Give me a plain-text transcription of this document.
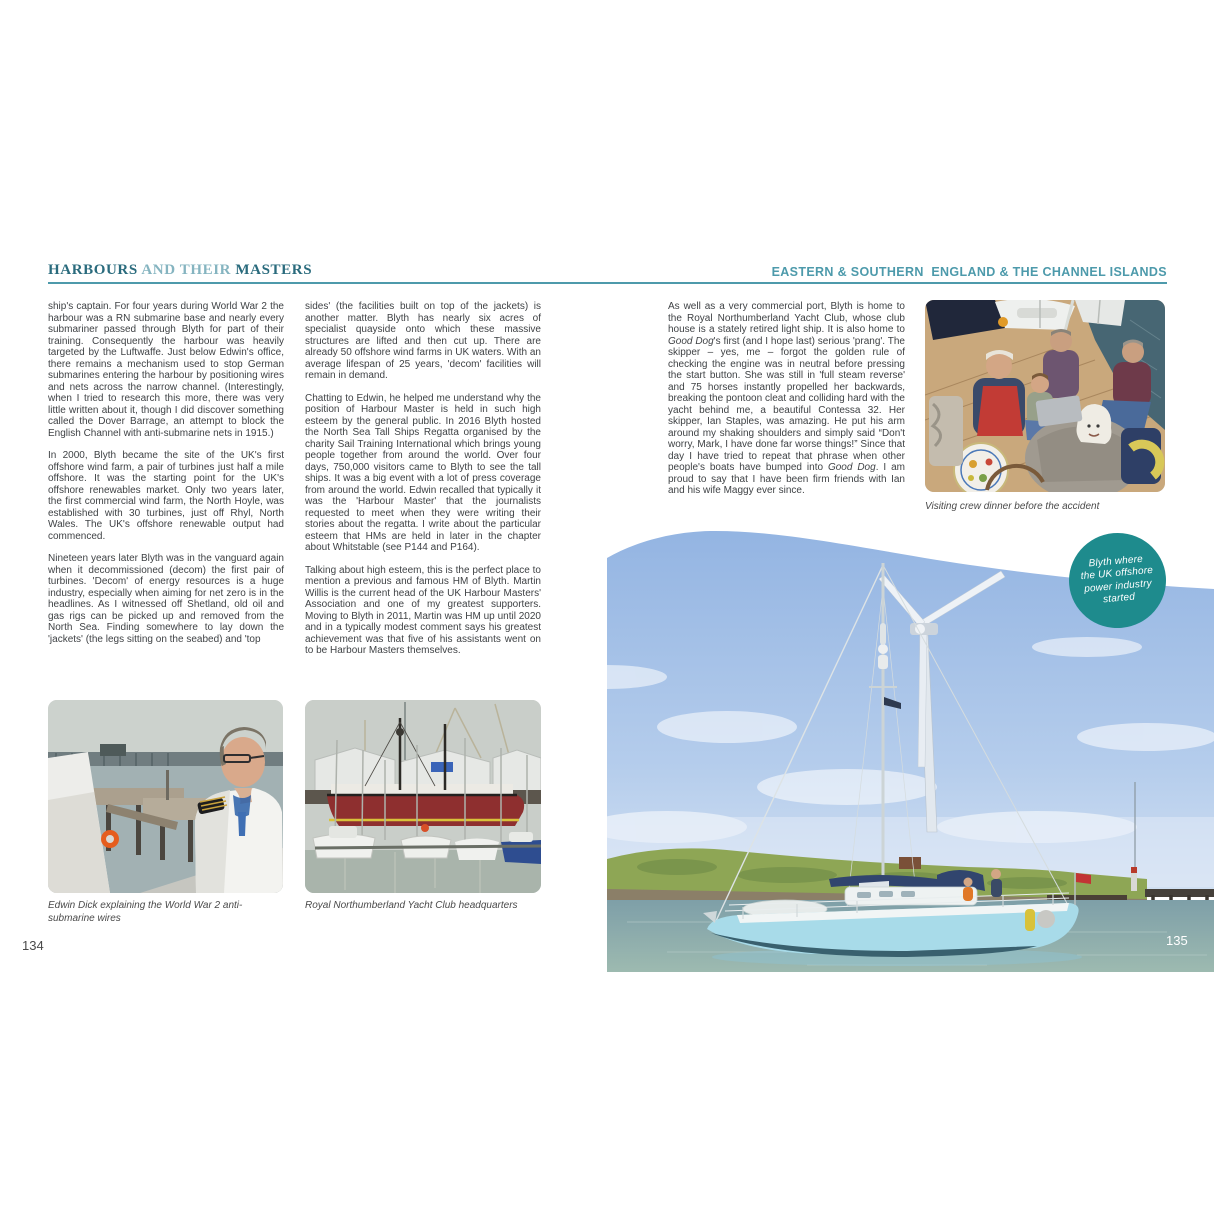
HARBOURS AND THEIR MASTERS	EASTERN & SOUTHERN  ENGLAND & THE CHANNEL ISLANDS

ship's captain. For four years during World War 2 the harbour was a RN submarine base and nearly every submariner passed through Blyth for part of their training. Consequently the harbour was heavily targeted by the Luftwaffe. Just below Edwin's office, there remains a mechanism used to stop German submarines entering the harbour by positioning wires and nets across the narrow channel. (Interestingly, when I tried to research this more, there was very little written about it, though I did discover something called the Dover Barrage, an attempt to block the English Channel with anti-submarine nets in 1915.)

In 2000, Blyth became the site of the UK's first offshore wind farm, a pair of turbines just half a mile offshore. It was the starting point for the UK's offshore renewables market. Only two years later, the first commercial wind farm, the North Hoyle, was established with 30 turbines, just off Rhyl, North Wales. The UK's offshore renewable output had commenced.

Nineteen years later Blyth was in the vanguard again when it decommissioned (decom) the first pair of turbines. 'Decom' of energy resources is a huge industry, especially when aiming for net zero is in the headlines. As I witnessed off Shetland, old oil and gas rigs can be picked up and removed from the North Sea. Finding somewhere to lay down the 'jackets' (the legs sitting on the seabed) and 'top

sides' (the facilities built on top of the jackets) is another matter. Blyth has nearly six acres of specialist quayside onto which these massive structures are lifted and then cut up. There are already 50 offshore wind farms in UK waters. With an average lifespan of 25 years, 'decom' facilities will remain in demand.

Chatting to Edwin, he helped me understand why the position of Harbour Master is held in such high esteem by the general public. In 2016 Blyth hosted the North Sea Tall Ships Regatta organised by the charity Sail Training International which brings young people together from around the world. Over four days, 750,000 visitors came to Blyth to see the tall ships. It was a big event with a lot of press coverage from around the world. Edwin recalled that typically it was the 'Harbour Master' that the journalists requested to meet when they were writing their stories about the regatta. I write about the particular esteem that HMs are held in later in the chapter about Whitstable (see P144 and P164).

Talking about high esteem, this is the perfect place to mention a previous and famous HM of Blyth. Martin Willis is the current head of the UK Harbour Masters' Association and one of my greatest supporters. Moving to Blyth in 2011, Martin was HM up until 2020 and in a typically modest comment says his greatest achievement was that five of his assistants went on to be Harbour Masters themselves.

As well as a very commercial port, Blyth is home to the Royal Northumberland Yacht Club, whose club house is a stately retired light ship. It is also home to Good Dog's first (and I hope last) serious 'prang'. The skipper – yes, me – forgot the golden rule of checking the engine was in neutral before pressing the start button. She was still in 'full steam reverse' and 75 horses instantly propelled her backwards, breaking the pontoon cleat and colliding hard with the yacht behind me, a beautiful Contessa 32. Her skipper, Ian Staples, was amazing. He put his arm around my shaking shoulders and simply said “Don't worry, Mark, I have done far worse things!” Since that day I have tried to repeat that phrase when other people's boats have bumped into Good Dog. I am proud to say that I have been firm friends with Ian and his wife Maggy ever since.

Edwin Dick explaining the World War 2 anti-submarine wires
Royal Northumberland Yacht Club headquarters
Visiting crew dinner before the accident
Blyth where
the UK offshore
power industry
started
134	135
